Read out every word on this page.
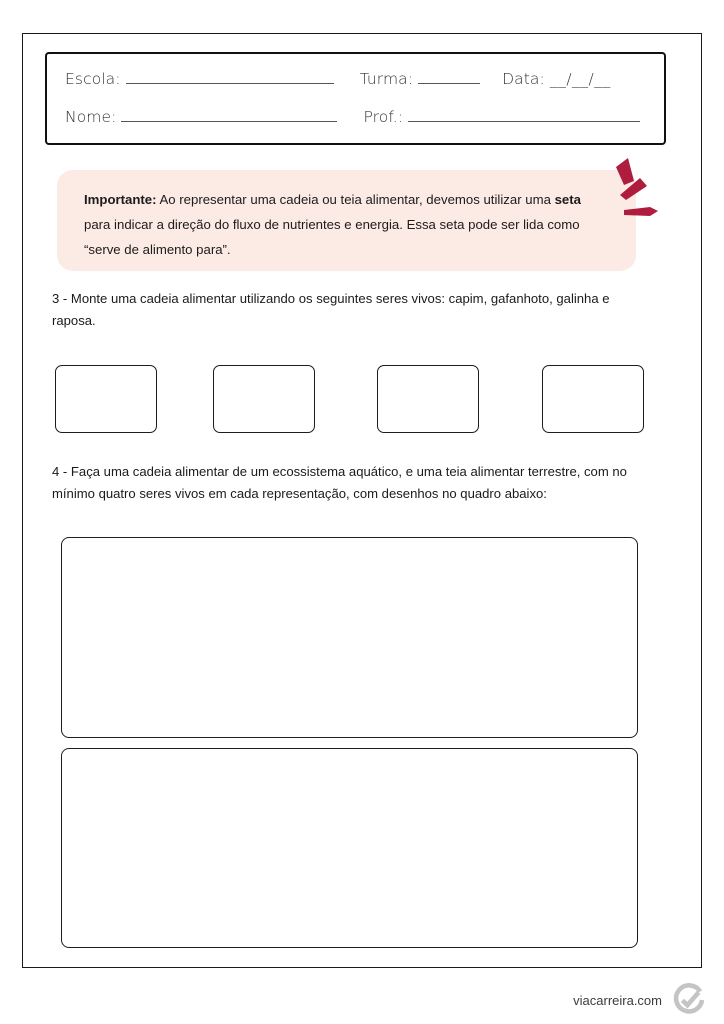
Escola:	Turma:	Data: __/__/__
Nome:	Prof.:

Importante: Ao representar uma cadeia ou teia alimentar, devemos utilizar uma seta para indicar a direção do fluxo de nutrientes e energia. Essa seta pode ser lida como “serve de alimento para”.

3 - Monte uma cadeia alimentar utilizando os seguintes seres vivos: capim, gafanhoto, galinha e raposa.
4 - Faça uma cadeia alimentar de um ecossistema aquático, e uma teia alimentar terrestre, com no mínimo quatro seres vivos em cada representação, com desenhos no quadro abaixo:
viacarreira.com
